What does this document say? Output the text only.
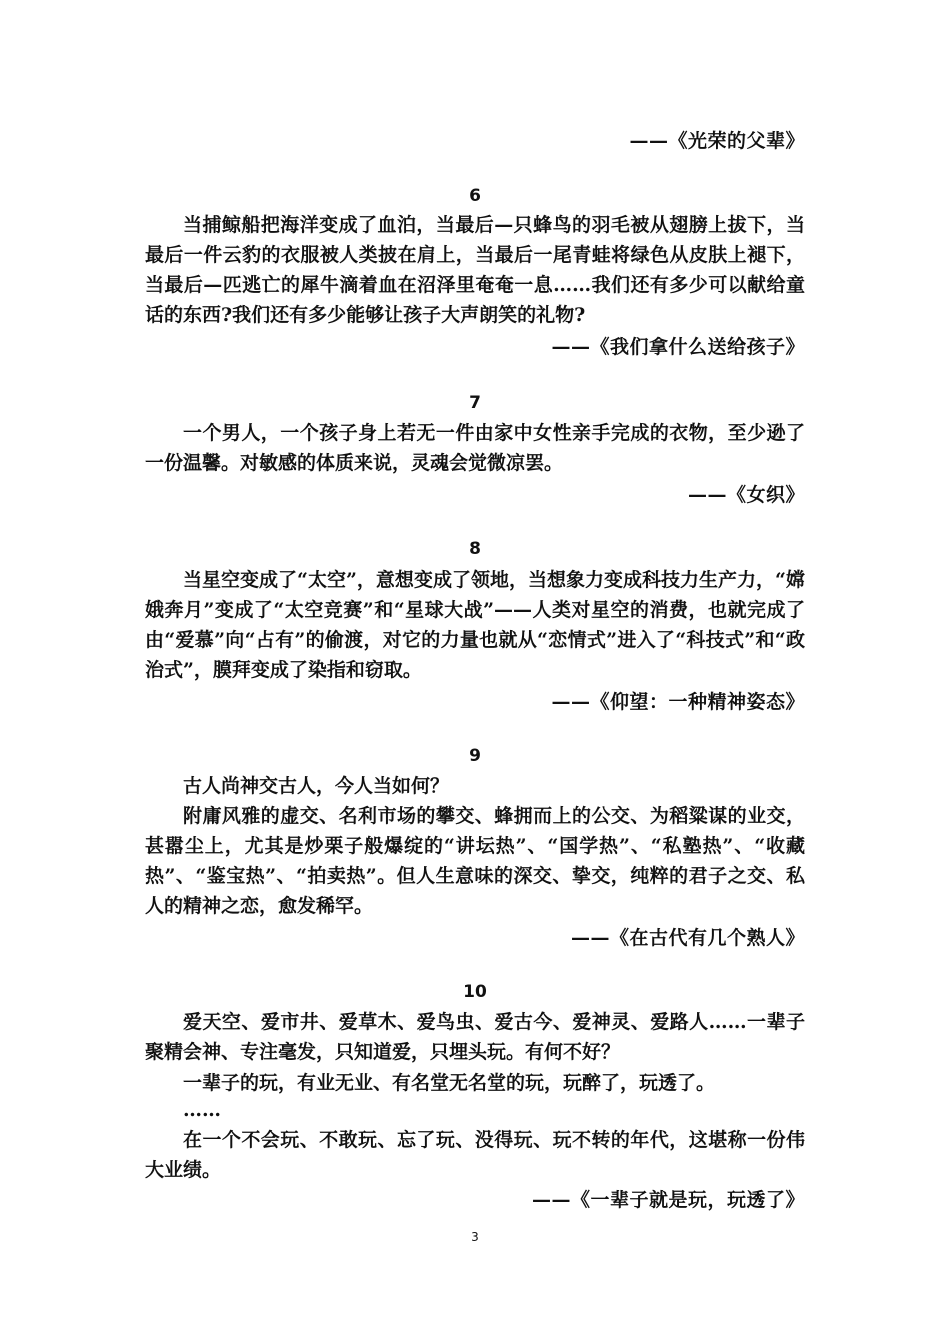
——《光荣的父辈》
6
当捕鲸船把海洋变成了血泊，当最后—只蜂鸟的羽毛被从翅膀上拔下，当最后一件云豹的衣服被人类披在肩上，当最后一尾青蛙将绿色从皮肤上褪下，当最后—匹逃亡的犀牛滴着血在沼泽里奄奄一息……我们还有多少可以献给童话的东西?我们还有多少能够让孩子大声朗笑的礼物?
——《我们拿什么送给孩子》
7
一个男人，一个孩子身上若无一件由家中女性亲手完成的衣物，至少逊了一份温馨。对敏感的体质来说，灵魂会觉微凉罢。
——《女织》
8
当星空变成了“太空”，意想变成了领地，当想象力变成科技力生产力，“嫦娥奔月”变成了“太空竞赛”和“星球大战”——人类对星空的消费，也就完成了由“爱慕”向“占有”的偷渡，对它的力量也就从“恋情式”进入了“科技式”和“政治式”，膜拜变成了染指和窃取。
——《仰望：一种精神姿态》
9
古人尚神交古人，今人当如何？
附庸风雅的虚交、名利市场的攀交、蜂拥而上的公交、为稻粱谋的业交，甚嚣尘上，尤其是炒栗子般爆绽的“讲坛热”、“国学热”、“私塾热”、“收藏热”、“鉴宝热”、“拍卖热”。但人生意味的深交、挚交，纯粹的君子之交、私人的精神之恋，愈发稀罕。
——《在古代有几个熟人》
10
爱天空、爱市井、爱草木、爱鸟虫、爱古今、爱神灵、爱路人……一辈子聚精会神、专注毫发，只知道爱，只埋头玩。有何不好？
一辈子的玩，有业无业、有名堂无名堂的玩，玩醉了，玩透了。
……
在一个不会玩、不敢玩、忘了玩、没得玩、玩不转的年代，这堪称一份伟大业绩。
——《一辈子就是玩，玩透了》
3
